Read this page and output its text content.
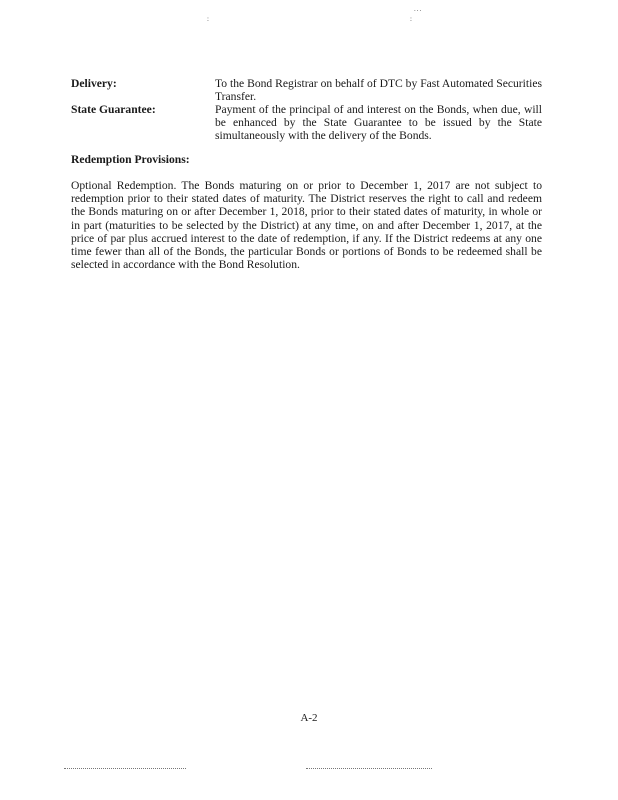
:	:
...
Delivery:	To the Bond Registrar on behalf of DTC by Fast Automated Securities Transfer.
State Guarantee:	Payment of the principal of and interest on the Bonds, when due, will be enhanced by the State Guarantee to be issued by the State simultaneously with the delivery of the Bonds.
Redemption Provisions:
Optional Redemption. The Bonds maturing on or prior to December 1, 2017 are not subject to redemption prior to their stated dates of maturity. The District reserves the right to call and redeem the Bonds maturing on or after December 1, 2018, prior to their stated dates of maturity, in whole or in part (maturities to be selected by the District) at any time, on and after December 1, 2017, at the price of par plus accrued interest to the date of redemption, if any. If the District redeems at any one time fewer than all of the Bonds, the particular Bonds or portions of Bonds to be redeemed shall be selected in accordance with the Bond Resolution.
A-2
